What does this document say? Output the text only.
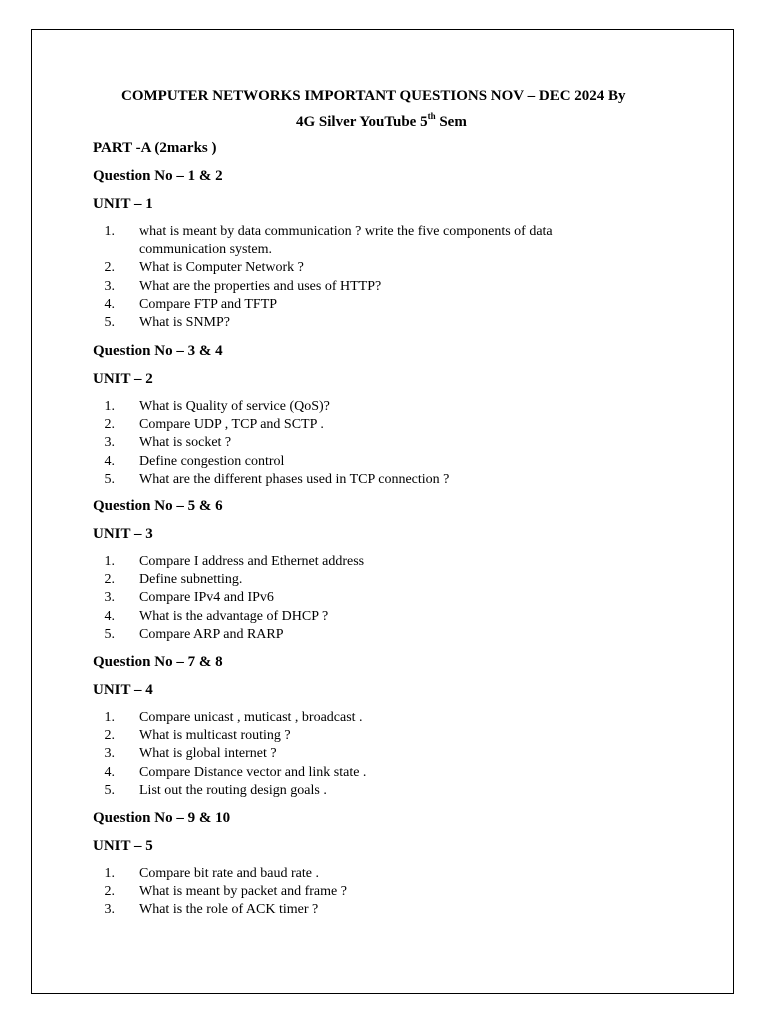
COMPUTER NETWORKS IMPORTANT QUESTIONS NOV – DEC 2024 By
4G Silver YouTube 5th Sem
PART -A (2marks )
Question No – 1 & 2
UNIT – 1
1. what is meant by data communication ? write the five components of data
communication system.
2. What is Computer Network ?
3. What are the properties and uses of HTTP?
4. Compare FTP and TFTP
5. What is SNMP?
Question No – 3 & 4
UNIT – 2
1. What is Quality of service (QoS)?
2. Compare UDP , TCP and SCTP .
3. What is socket ?
4. Define congestion control
5. What are the different phases used in TCP connection ?
Question No – 5 & 6
UNIT – 3
1. Compare I address and Ethernet address
2. Define subnetting.
3. Compare IPv4 and IPv6
4. What is the advantage of DHCP ?
5. Compare ARP and RARP
Question No – 7 & 8
UNIT – 4
1. Compare unicast , muticast , broadcast .
2. What is multicast routing ?
3. What is global internet ?
4. Compare Distance vector and link state .
5. List out the routing design goals .
Question No – 9 & 10
UNIT – 5
1. Compare bit rate and baud rate .
2. What is meant by packet and frame ?
3. What is the role of ACK timer ?
